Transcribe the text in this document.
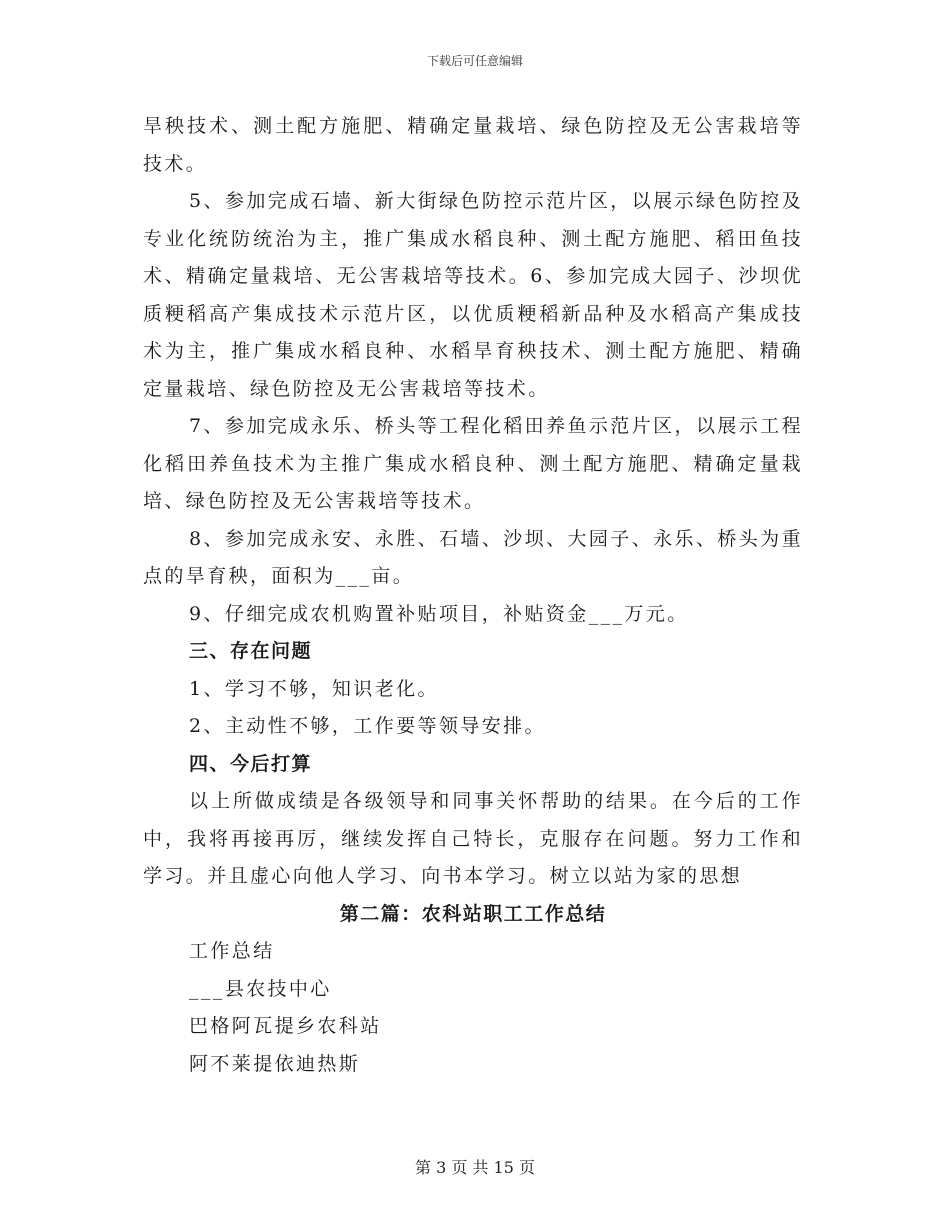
下载后可任意编辑

旱秧技术、测土配方施肥、精确定量栽培、绿色防控及无公害栽培等技术。

5、参加完成石墙、新大街绿色防控示范片区，以展示绿色防控及专业化统防统治为主，推广集成水稻良种、测土配方施肥、稻田鱼技术、精确定量栽培、无公害栽培等技术。6、参加完成大园子、沙坝优质粳稻高产集成技术示范片区，以优质粳稻新品种及水稻高产集成技术为主，推广集成水稻良种、水稻旱育秧技术、测土配方施肥、精确定量栽培、绿色防控及无公害栽培等技术。

7、参加完成永乐、桥头等工程化稻田养鱼示范片区，以展示工程化稻田养鱼技术为主推广集成水稻良种、测土配方施肥、精确定量栽培、绿色防控及无公害栽培等技术。

8、参加完成永安、永胜、石墙、沙坝、大园子、永乐、桥头为重点的旱育秧，面积为___亩。

9、仔细完成农机购置补贴项目，补贴资金___万元。

三、存在问题

1、学习不够，知识老化。

2、主动性不够，工作要等领导安排。

四、今后打算

以上所做成绩是各级领导和同事关怀帮助的结果。在今后的工作中，我将再接再厉，继续发挥自己特长，克服存在问题。努力工作和学习。并且虚心向他人学习、向书本学习。树立以站为家的思想

第二篇：农科站职工工作总结

工作总结

___县农技中心

巴格阿瓦提乡农科站

阿不莱提依迪热斯

第 3 页 共 15 页
